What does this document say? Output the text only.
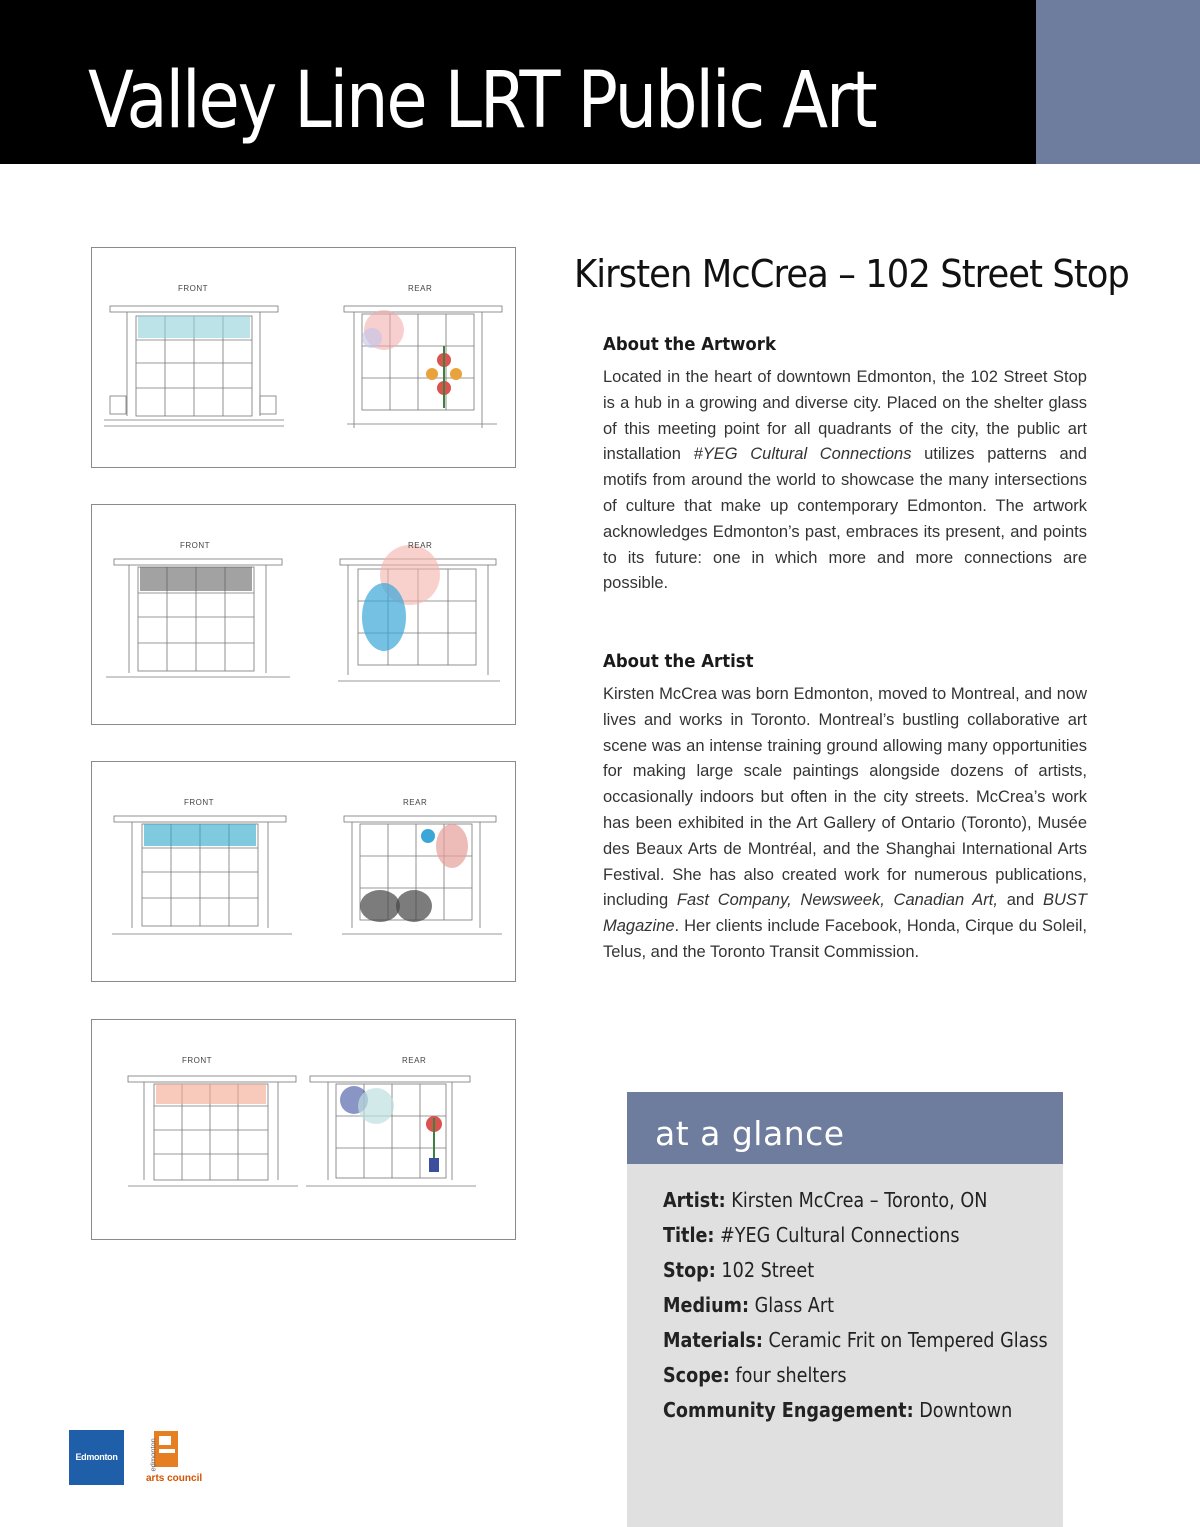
Valley Line LRT Public Art
FRONT	REAR
FRONT	REAR
FRONT	REAR
FRONT	REAR
Kirsten McCrea – 102 Street Stop
About the Artwork

Located in the heart of downtown Edmonton, the 102 Street Stop is a hub in a growing and diverse city. Placed on the shelter glass of this meeting point for all quadrants of the city, the public art installation #YEG Cultural Connections utilizes patterns and motifs from around the world to showcase the many intersections of culture that make up contemporary Edmonton. The artwork acknowledges Edmonton’s past, embraces its present, and points to its future: one in which more and more connections are possible.

About the Artist

Kirsten McCrea was born Edmonton, moved to Montreal, and now lives and works in Toronto. Montreal’s bustling collaborative art scene was an intense training ground allowing many opportunities for making large scale paintings alongside dozens of artists, occasionally indoors but often in the city streets. McCrea’s work has been exhibited in the Art Gallery of Ontario (Toronto), Musée des Beaux Arts de Montréal, and the Shanghai International Arts Festival. She has also created work for numerous publications, including Fast Company, Newsweek, Canadian Art, and BUST Magazine. Her clients include Facebook, Honda, Cirque du Soleil, Telus, and the Toronto Transit Commission.

at a glance
Artist: Kirsten McCrea – Toronto, ON
Title: #YEG Cultural Connections
Stop: 102 Street
Medium: Glass Art
Materials: Ceramic Frit on Tempered Glass
Scope: four shelters
Community Engagement: Downtown
Edmonton	edmonton
arts council
